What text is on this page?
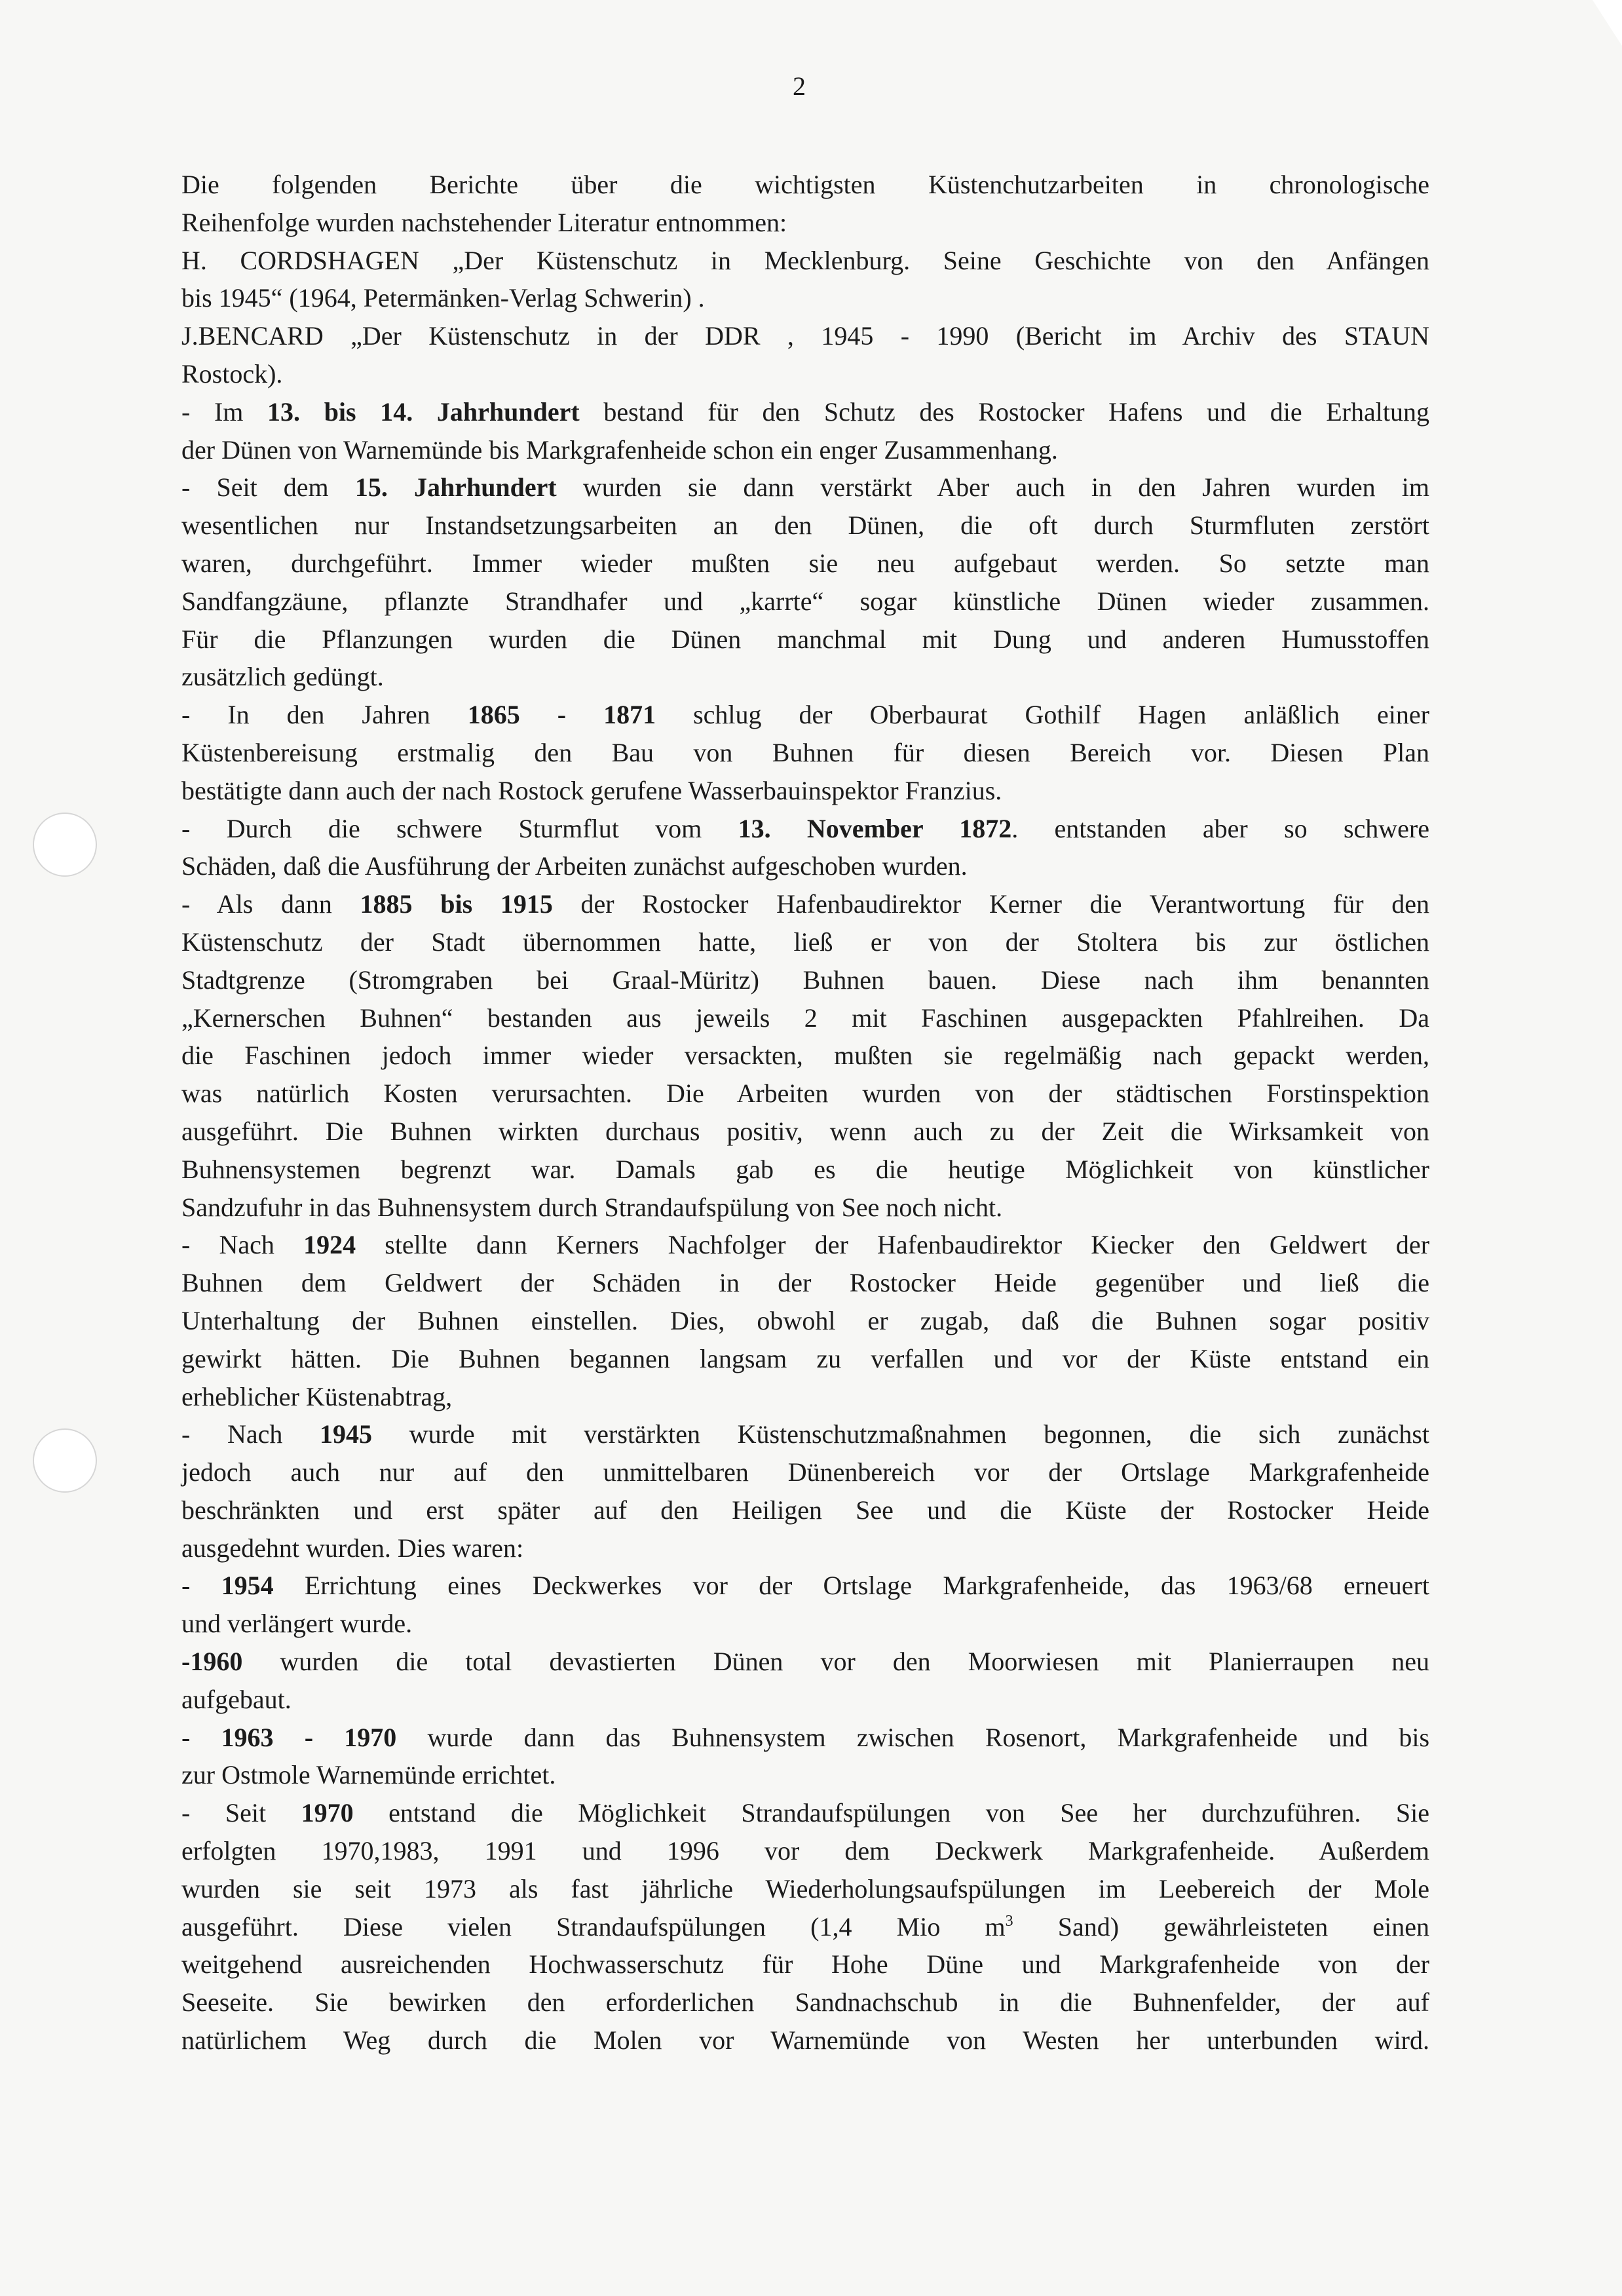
2
Die folgenden Berichte über die wichtigsten Küstenchutzarbeiten in chronologische
Reihenfolge wurden nachstehender Literatur entnommen:
H. CORDSHAGEN „Der Küstenschutz in Mecklenburg. Seine Geschichte von den Anfängen
bis 1945“ (1964, Petermänken-Verlag Schwerin) .
J.BENCARD „Der Küstenschutz in der DDR , 1945 - 1990 (Bericht im Archiv des STAUN
Rostock).
- Im 13. bis 14. Jahrhundert bestand für den Schutz des Rostocker Hafens und die Erhaltung
der Dünen von Warnemünde bis Markgrafenheide schon ein enger Zusammenhang.
- Seit dem 15. Jahrhundert wurden sie dann verstärkt Aber auch in den Jahren wurden im
wesentlichen nur Instandsetzungsarbeiten an den Dünen, die oft durch Sturmfluten zerstört
waren, durchgeführt. Immer wieder mußten sie neu aufgebaut werden. So setzte man
Sandfangzäune, pflanzte Strandhafer und „karrte“ sogar künstliche Dünen wieder zusammen.
Für die Pflanzungen wurden die Dünen manchmal mit Dung und anderen Humusstoffen
zusätzlich gedüngt.
- In den Jahren 1865 - 1871 schlug der Oberbaurat Gothilf Hagen anläßlich einer
Küstenbereisung erstmalig den Bau von Buhnen für diesen Bereich vor. Diesen Plan
bestätigte dann auch der nach Rostock gerufene Wasserbauinspektor Franzius.
- Durch die schwere Sturmflut vom 13. November 1872. entstanden aber so schwere
Schäden, daß die Ausführung der Arbeiten zunächst aufgeschoben wurden.
- Als dann 1885 bis 1915 der Rostocker Hafenbaudirektor Kerner die Verantwortung für den
Küstenschutz der Stadt übernommen hatte, ließ er von der Stoltera bis zur östlichen
Stadtgrenze (Stromgraben bei Graal-Müritz) Buhnen bauen. Diese nach ihm benannten
„Kernerschen Buhnen“ bestanden aus jeweils 2 mit Faschinen ausgepackten Pfahlreihen. Da
die Faschinen jedoch immer wieder versackten, mußten sie regelmäßig nach gepackt werden,
was natürlich Kosten verursachten. Die Arbeiten wurden von der städtischen Forstinspektion
ausgeführt. Die Buhnen wirkten durchaus positiv, wenn auch zu der Zeit die Wirksamkeit von
Buhnensystemen begrenzt war. Damals gab es die heutige Möglichkeit von künstlicher
Sandzufuhr in das Buhnensystem durch Strandaufspülung von See noch nicht.
- Nach 1924 stellte dann Kerners Nachfolger der Hafenbaudirektor Kiecker den Geldwert der
Buhnen dem Geldwert der Schäden in der Rostocker Heide gegenüber und ließ die
Unterhaltung der Buhnen einstellen. Dies, obwohl er zugab, daß die Buhnen sogar positiv
gewirkt hätten. Die Buhnen begannen langsam zu verfallen und vor der Küste entstand ein
erheblicher Küstenabtrag,
- Nach 1945 wurde mit verstärkten Küstenschutzmaßnahmen begonnen, die sich zunächst
jedoch auch nur auf den unmittelbaren Dünenbereich vor der Ortslage Markgrafenheide
beschränkten und erst später auf den Heiligen See und die Küste der Rostocker Heide
ausgedehnt wurden. Dies waren:
- 1954 Errichtung eines Deckwerkes vor der Ortslage Markgrafenheide, das 1963/68 erneuert
und verlängert wurde.
-1960 wurden die total devastierten Dünen vor den Moorwiesen mit Planierraupen neu
aufgebaut.
- 1963 - 1970 wurde dann das Buhnensystem zwischen Rosenort, Markgrafenheide und bis
zur Ostmole Warnemünde errichtet.
- Seit 1970 entstand die Möglichkeit Strandaufspülungen von See her durchzuführen. Sie
erfolgten 1970,1983, 1991 und 1996 vor dem Deckwerk Markgrafenheide. Außerdem
wurden sie seit 1973 als fast jährliche Wiederholungsaufspülungen im Leebereich der Mole
ausgeführt. Diese vielen Strandaufspülungen (1,4 Mio $m^3$ Sand) gewährleisteten einen
weitgehend ausreichenden Hochwasserschutz für Hohe Düne und Markgrafenheide von der
Seeseite. Sie bewirken den erforderlichen Sandnachschub in die Buhnenfelder, der auf
natürlichem Weg durch die Molen vor Warnemünde von Westen her unterbunden wird.
